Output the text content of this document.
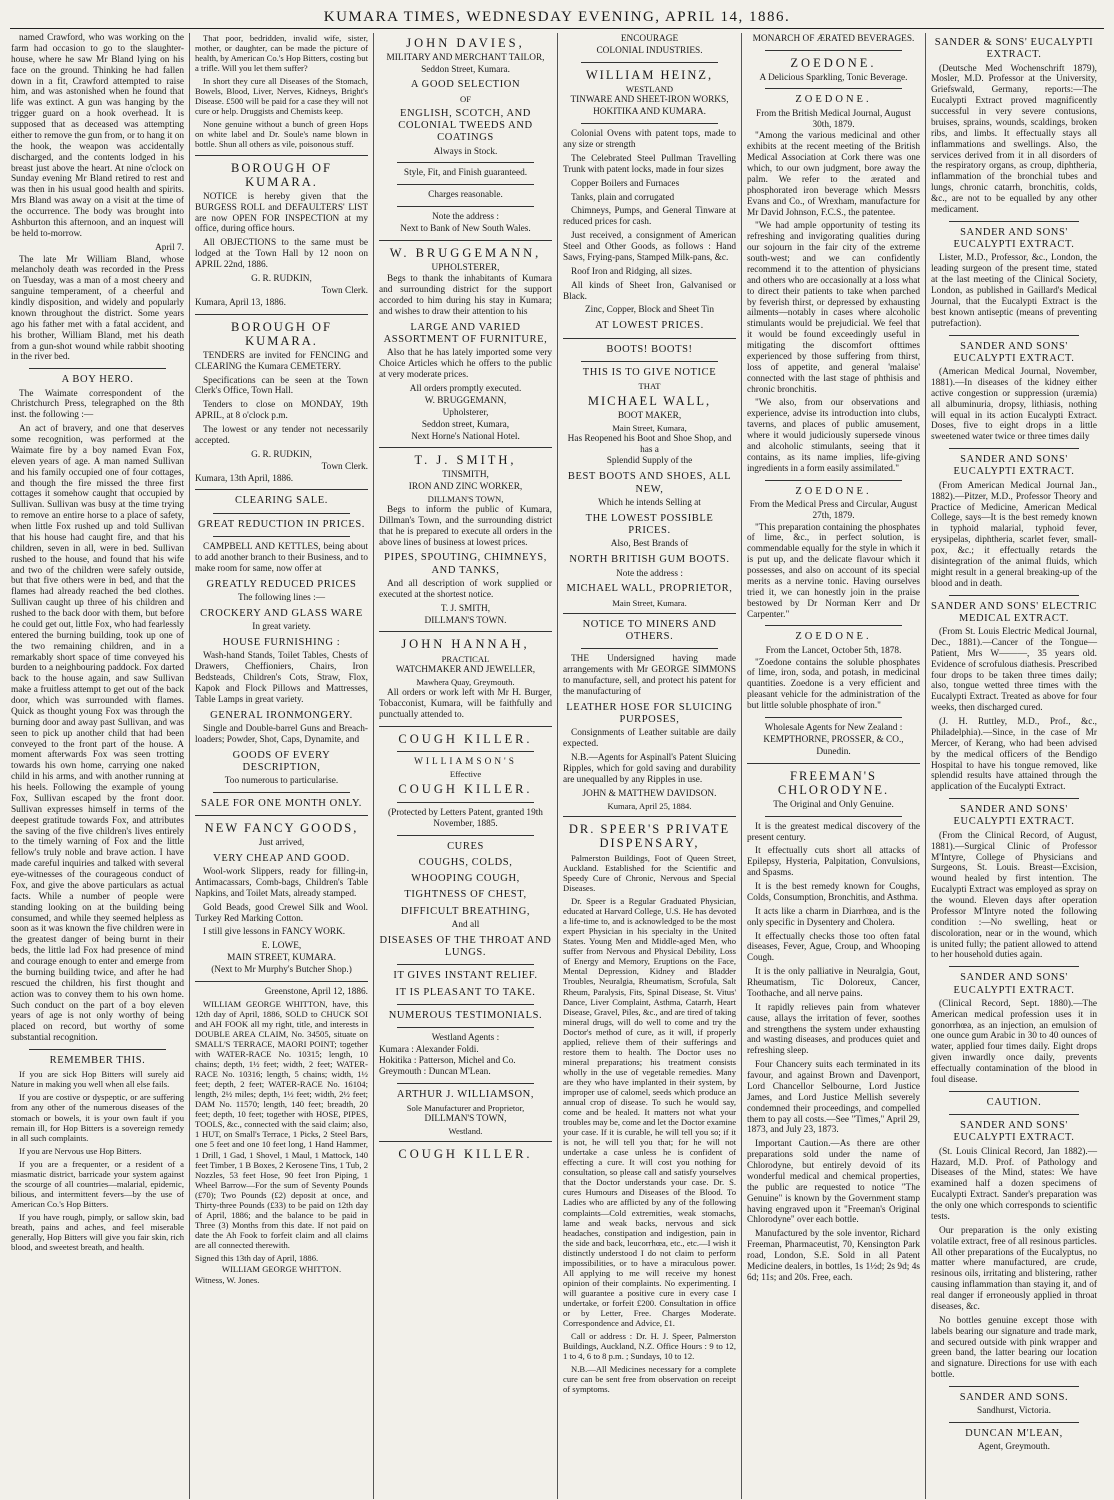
KUMARA TIMES, WEDNESDAY EVENING, APRIL 14, 1886.

named Crawford, who was working on the farm had occasion to go to the slaughter-house, where he saw Mr Bland lying on his face on the ground. Thinking he had fallen down in a fit, Crawford attempted to raise him, and was astonished when he found that life was extinct. A gun was hanging by the trigger guard on a hook overhead. It is supposed that as deceased was attempting either to remove the gun from, or to hang it on the hook, the weapon was accidentally discharged, and the contents lodged in his breast just above the heart. At nine o'clock on Sunday evening Mr Bland retired to rest and was then in his usual good health and spirits. Mrs Bland was away on a visit at the time of the occurrence. The body was brought into Ashburton this afternoon, and an inquest will be held to-morrow.

April 7.

The late Mr William Bland, whose melancholy death was recorded in the Press on Tuesday, was a man of a most cheery and sanguine temperament, of a cheerful and kindly disposition, and widely and popularly known throughout the district. Some years ago his father met with a fatal accident, and his brother, William Bland, met his death from a gun-shot wound while rabbit shooting in the river bed.

A BOY HERO.

The Waimate correspondent of the Christchurch Press, telegraphed on the 8th inst. the following :—

An act of bravery, and one that deserves some recognition, was performed at the Waimate fire by a boy named Evan Fox, eleven years of age. A man named Sullivan and his family occupied one of four cottages, and though the fire missed the three first cottages it somehow caught that occupied by Sullivan. Sullivan was busy at the time trying to remove an entire horse to a place of safety, when little Fox rushed up and told Sullivan that his house had caught fire, and that his children, seven in all, were in bed. Sullivan rushed to the house, and found that his wife and two of the children were safely outside, but that five others were in bed, and that the flames had already reached the bed clothes. Sullivan caught up three of his children and rushed to the back door with them, but before he could get out, little Fox, who had fearlessly entered the burning building, took up one of the two remaining children, and in a remarkably short space of time conveyed his burden to a neighbouring paddock. Fox darted back to the house again, and saw Sullivan make a fruitless attempt to get out of the back door, which was surrounded with flames. Quick as thought young Fox was through the burning door and away past Sullivan, and was seen to pick up another child that had been conveyed to the front part of the house. A moment afterwards Fox was seen trotting towards his own home, carrying one naked child in his arms, and with another running at his heels. Following the example of young Fox, Sullivan escaped by the front door. Sullivan expresses himself in terms of the deepest gratitude towards Fox, and attributes the saving of the five children's lives entirely to the timely warning of Fox and the little fellow's truly noble and brave action. I have made careful inquiries and talked with several eye-witnesses of the courageous conduct of Fox, and give the above particulars as actual facts. While a number of people were standing looking on at the building being consumed, and while they seemed helpless as soon as it was known the five children were in the greatest danger of being burnt in their beds, the little lad Fox had presence of mind and courage enough to enter and emerge from the burning building twice, and after he had rescued the children, his first thought and action was to convey them to his own home. Such conduct on the part of a boy eleven years of age is not only worthy of being placed on record, but worthy of some substantial recognition.

REMEMBER THIS.

If you are sick Hop Bitters will surely aid Nature in making you well when all else fails.

If you are costive or dyspeptic, or are suffering from any other of the numerous diseases of the stomach or bowels, it is your own fault if you remain ill, for Hop Bitters is a sovereign remedy in all such complaints.

If you are Nervous use Hop Bitters.

If you are a frequenter, or a resident of a miasmatic district, barricade your system against the scourge of all countries—malarial, epidemic, bilious, and intermittent fevers—by the use of American Co.'s Hop Bitters.

If you have rough, pimply, or sallow skin, bad breath, pains and aches, and feel miserable generally, Hop Bitters will give you fair skin, rich blood, and sweetest breath, and health.

That poor, bedridden, invalid wife, sister, mother, or daughter, can be made the picture of health, by American Co.'s Hop Bitters, costing but a trifle. Will you let them suffer?

In short they cure all Diseases of the Stomach, Bowels, Blood, Liver, Nerves, Kidneys, Bright's Disease. £500 will be paid for a case they will not cure or help. Druggists and Chemists keep.

None genuine without a bunch of green Hops on white label and Dr. Soule's name blown in bottle. Shun all others as vile, poisonous stuff.

BOROUGH OF KUMARA.

NOTICE is hereby given that the BURGESS ROLL and DEFAULTERS' LIST are now OPEN FOR INSPECTION at my office, during office hours.

All OBJECTIONS to the same must be lodged at the Town Hall by 12 noon on APRIL 22nd, 1886.

G. R. RUDKIN,
Town Clerk.
Kumara, April 13, 1886.
BOROUGH OF KUMARA.

TENDERS are invited for FENCING and CLEARING the Kumara CEMETERY.

Specifications can be seen at the Town Clerk's Office, Town Hall.

Tenders to close on MONDAY, 19th APRIL, at 8 o'clock p.m.

The lowest or any tender not necessarily accepted.

G. R. RUDKIN,
Town Clerk.
Kumara, 13th April, 1886.
CLEARING SALE.
GREAT REDUCTION IN PRICES.

CAMPBELL AND KETTLES, being about to add another branch to their Business, and to make room for same, now offer at

GREATLY REDUCED PRICES
The following lines :—
CROCKERY AND GLASS WARE
In great variety.
HOUSE FURNISHING :

Wash-hand Stands, Toilet Tables, Chests of Drawers, Cheffioniers, Chairs, Iron Bedsteads, Children's Cots, Straw, Flox, Kapok and Flock Pillows and Mattresses, Table Lamps in great variety.

GENERAL IRONMONGERY.

Single and Double-barrel Guns and Breach-loaders; Powder, Shot, Caps, Dynamite, and

GOODS OF EVERY DESCRIPTION,
Too numerous to particularise.
SALE FOR ONE MONTH ONLY.
NEW FANCY GOODS,
Just arrived,
VERY CHEAP AND GOOD.

Wool-work Slippers, ready for filling-in, Antimacassars, Comb-bags, Children's Table Napkins, and Toilet Mats, already stamped.

Gold Beads, good Crewel Silk and Wool. Turkey Red Marking Cotton.

I still give lessons in FANCY WORK.

E. LOWE,
MAIN STREET, KUMARA.
(Next to Mr Murphy's Butcher Shop.)
Greenstone, April 12, 1886.

WILLIAM GEORGE WHITTON, have, this 12th day of April, 1886, SOLD to CHUCK SOI and AH FOOK all my right, title, and interests in DOUBLE AREA CLAIM, No. 34505, situate on SMALL'S TERRACE, MAORI POINT; together with WATER-RACE No. 10315; length, 10 chains; depth, 1½ feet; width, 2 feet; WATER-RACE No. 10316; length, 5 chains; width, 1½ feet; depth, 2 feet; WATER-RACE No. 16104; length, 2½ miles; depth, 1½ feet; width, 2½ feet; DAM No. 11570; length, 140 feet; breadth, 20 feet; depth, 10 feet; together with HOSE, PIPES, TOOLS, &c., connected with the said claim; also, 1 HUT, on Small's Terrace, 1 Picks, 2 Steel Bars, one 5 feet and one 10 feet long, 1 Hand Hammer, 1 Drill, 1 Gad, 1 Shovel, 1 Maul, 1 Mattock, 140 feet Timber, 1 B Boxes, 2 Kerosene Tins, 1 Tub, 2 Nozzles, 53 feet Hose, 90 feet Iron Piping, 1 Wheel Barrow—For the sum of Seventy Pounds (£70); Two Pounds (£2) deposit at once, and Thirty-three Pounds (£33) to be paid on 12th day of April, 1886; and the balance to be paid in Three (3) Months from this date. If not paid on date the Ah Fook to forfeit claim and all claims are all connected therewith.

Signed this 13th day of April, 1886.
WILLIAM GEORGE WHITTON.
Witness, W. Jones.
JOHN DAVIES,
MILITARY AND MERCHANT TAILOR,
Seddon Street, Kumara.
A GOOD SELECTION
OF
ENGLISH, SCOTCH, AND COLONIAL TWEEDS AND COATINGS
Always in Stock.
Style, Fit, and Finish guaranteed.
Charges reasonable.
Note the address :
Next to Bank of New South Wales.
W. BRUGGEMANN,
UPHOLSTERER,

Begs to thank the inhabitants of Kumara and surrounding district for the support accorded to him during his stay in Kumara; and wishes to draw their attention to his

LARGE AND VARIED ASSORTMENT OF FURNITURE,

Also that he has lately imported some very Choice Articles which he offers to the public at very moderate prices.

All orders promptly executed.
W. BRUGGEMANN,
Upholsterer,
Seddon street, Kumara,
Next Horne's National Hotel.
T. J. SMITH,
TINSMITH,
IRON AND ZINC WORKER,
DILLMAN'S TOWN,

Begs to inform the public of Kumara, Dillman's Town, and the surrounding district that he is prepared to execute all orders in the above lines of business at lowest prices.

PIPES, SPOUTING, CHIMNEYS, AND TANKS,

And all description of work supplied or executed at the shortest notice.

T. J. SMITH,
DILLMAN'S TOWN.
JOHN HANNAH,
PRACTICAL
WATCHMAKER AND JEWELLER,
Mawhera Quay, Greymouth.

All orders or work left with Mr H. Burger, Tobacconist, Kumara, will be faithfully and punctually attended to.

COUGH KILLER.
WILLIAMSON'S
Effective
COUGH KILLER.
(Protected by Letters Patent, granted 19th November, 1885.
CURES
COUGHS, COLDS,
WHOOPING COUGH,
TIGHTNESS OF CHEST,
DIFFICULT BREATHING,
And all
DISEASES OF THE THROAT AND LUNGS.
IT GIVES INSTANT RELIEF.
IT IS PLEASANT TO TAKE.
NUMEROUS TESTIMONIALS.
Westland Agents :
Kumara : Alexander Foldi.
Hokitika : Patterson, Michel and Co.
Greymouth : Duncan M'Lean.
ARTHUR J. WILLIAMSON,
Sole Manufacturer and Proprietor,
DILLMAN'S TOWN,
Westland.
COUGH KILLER.
ENCOURAGE
COLONIAL INDUSTRIES.
WILLIAM HEINZ,
WESTLAND
TINWARE AND SHEET-IRON WORKS,
HOKITIKA AND KUMARA.

Colonial Ovens with patent tops, made to any size or strength

The Celebrated Steel Pullman Travelling Trunk with patent locks, made in four sizes

Copper Boilers and Furnaces

Tanks, plain and corrugated

Chimneys, Pumps, and General Tinware at reduced prices for cash.

Just received, a consignment of American Steel and Other Goods, as follows : Hand Saws, Frying-pans, Stamped Milk-pans, &c.

Roof Iron and Ridging, all sizes.

All kinds of Sheet Iron, Galvanised or Black.

Zinc, Copper, Block and Sheet Tin
AT LOWEST PRICES.
BOOTS! BOOTS!
THIS IS TO GIVE NOTICE
THAT
MICHAEL WALL,
BOOT MAKER,
Main Street, Kumara,
Has Reopened his Boot and Shoe Shop, and has a
Splendid Supply of the
BEST BOOTS AND SHOES, ALL NEW,
Which he intends Selling at
THE LOWEST POSSIBLE PRICES.
Also, Best Brands of
NORTH BRITISH GUM BOOTS.
Note the address :
MICHAEL WALL, PROPRIETOR,
Main Street, Kumara.
NOTICE TO MINERS AND OTHERS.

THE Undersigned having made arrangements with Mr GEORGE SIMMONS to manufacture, sell, and protect his patent for the manufacturing of

LEATHER HOSE FOR SLUICING PURPOSES,

Consignments of Leather suitable are daily expected.

N.B.—Agents for Aspinall's Patent Sluicing Ripples, which for gold saving and durability are unequalled by any Ripples in use.

JOHN & MATTHEW DAVIDSON.
Kumara, April 25, 1884.
DR. SPEER'S PRIVATE DISPENSARY,

Palmerston Buildings, Foot of Queen Street, Auckland. Established for the Scientific and Speedy Cure of Chronic, Nervous and Special Diseases.

Dr. Speer is a Regular Graduated Physician, educated at Harvard College, U.S. He has devoted a life-time to, and is acknowledged to be the most expert Physician in his specialty in the United States. Young Men and Middle-aged Men, who suffer from Nervous and Physical Debility, Loss of Energy and Memory, Eruptions on the Face, Mental Depression, Kidney and Bladder Troubles, Neuralgia, Rheumatism, Scrofula, Salt Rheum, Paralysis, Fits, Spinal Disease, St. Vitus' Dance, Liver Complaint, Asthma, Catarrh, Heart Disease, Gravel, Piles, &c., and are tired of taking mineral drugs, will do well to come and try the Doctor's method of cure, as it will, if properly applied, relieve them of their sufferings and restore them to health. The Doctor uses no mineral preparations; his treatment consists wholly in the use of vegetable remedies. Many are they who have implanted in their system, by improper use of calomel, seeds which produce an annual crop of disease. To such he would say, come and be healed. It matters not what your troubles may be, come and let the Doctor examine your case. If it is curable, he will tell you so; if it is not, he will tell you that; for he will not undertake a case unless he is confident of effecting a cure. It will cost you nothing for consultation, so please call and satisfy yourselves that the Doctor understands your case. Dr. S. cures Humours and Diseases of the Blood. To Ladies who are afflicted by any of the following complaints—Cold extremities, weak stomachs, lame and weak backs, nervous and sick headaches, constipation and indigestion, pain in the side and back, leucorrhœa, etc., etc.—I wish it distinctly understood I do not claim to perform impossibilities, or to have a miraculous power. All applying to me will receive my honest opinion of their complaints. No experimenting. I will guarantee a positive cure in every case I undertake, or forfeit £200. Consultation in office or by Letter, Free. Charges Moderate. Correspondence and Advice, £1.

Call or address : Dr. H. J. Speer, Palmerston Buildings, Auckland, N.Z. Office Hours : 9 to 12, 1 to 4, 6 to 8 p.m. ; Sundays, 10 to 12.

N.B.—All Medicines necessary for a complete cure can be sent free from observation on receipt of symptoms.

MONARCH OF ÆRATED BEVERAGES.
ZOEDONE.
A Delicious Sparkling, Tonic Beverage.
ZOEDONE.
From the British Medical Journal, August 30th, 1879.

"Among the various medicinal and other exhibits at the recent meeting of the British Medical Association at Cork there was one which, to our own judgment, bore away the palm. We refer to the ærated and phosphorated iron beverage which Messrs Evans and Co., of Wrexham, manufacture for Mr David Johnson, F.C.S., the patentee.

"We had ample opportunity of testing its refreshing and invigorating qualities during our sojourn in the fair city of the extreme south-west; and we can confidently recommend it to the attention of physicians and others who are occasionally at a loss what to direct their patients to take when parched by feverish thirst, or depressed by exhausting ailments—notably in cases where alcoholic stimulants would be prejudicial. We feel that it would be found exceedingly useful in mitigating the discomfort ofttimes experienced by those suffering from thirst, loss of appetite, and general 'malaise' connected with the last stage of phthisis and chronic bronchitis.

"We also, from our observations and experience, advise its introduction into clubs, taverns, and places of public amusement, where it would judiciously supersede vinous and alcoholic stimulants, seeing that it contains, as its name implies, life-giving ingredients in a form easily assimilated."

ZOEDONE.
From the Medical Press and Circular, August 27th, 1879.

"This preparation containing the phosphates of lime, &c., in perfect solution, is commendable equally for the style in which it is put up, and the delicate flavour which it possesses, and also on account of its special merits as a nervine tonic. Having ourselves tried it, we can honestly join in the praise bestowed by Dr Norman Kerr and Dr Carpenter."

ZOEDONE.
From the Lancet, October 5th, 1878.

"Zoedone contains the soluble phosphates of lime, iron, soda, and potash, in medicinal quantities. Zoedone is a very efficient and pleasant vehicle for the administration of the but little soluble phosphate of iron."

Wholesale Agents for New Zealand :
KEMPTHORNE, PROSSER, & CO.,
Dunedin.
FREEMAN'S CHLORODYNE.
The Original and Only Genuine.

It is the greatest medical discovery of the present century.

It effectually cuts short all attacks of Epilepsy, Hysteria, Palpitation, Convulsions, and Spasms.

It is the best remedy known for Coughs, Colds, Consumption, Bronchitis, and Asthma.

It acts like a charm in Diarrhœa, and is the only specific in Dysentery and Cholera.

It effectually checks those too often fatal diseases, Fever, Ague, Croup, and Whooping Cough.

It is the only palliative in Neuralgia, Gout, Rheumatism, Tic Doloreux, Cancer, Toothache, and all nerve pains.

It rapidly relieves pain from whatever cause, allays the irritation of fever, soothes and strengthens the system under exhausting and wasting diseases, and produces quiet and refreshing sleep.

Four Chancery suits each terminated in its favour, and against Brown and Davenport, Lord Chancellor Selbourne, Lord Justice James, and Lord Justice Mellish severely condemned their proceedings, and compelled them to pay all costs.—See "Times," April 29, 1873, and July 23, 1873.

Important Caution.—As there are other preparations sold under the name of Chlorodyne, but entirely devoid of its wonderful medical and chemical properties, the public are requested to notice "The Genuine" is known by the Government stamp having engraved upon it "Freeman's Original Chlorodyne" over each bottle.

Manufactured by the sole inventor, Richard Freeman, Pharmaceutist, 70, Kensington Park road, London, S.E. Sold in all Patent Medicine dealers, in bottles, 1s 1½d; 2s 9d; 4s 6d; 11s; and 20s. Free, each.

SANDER & SONS' EUCALYPTI EXTRACT.

(Deutsche Med Wochenschrift 1879), Mosler, M.D. Professor at the University, Griefswald, Germany, reports:—The Eucalypti Extract proved magnificently successful in very severe contusions, bruises, sprains, wounds, scaldings, broken ribs, and limbs. It effectually stays all inflammations and swellings. Also, the services derived from it in all disorders of the respiratory organs, as croup, diphtheria, inflammation of the bronchial tubes and lungs, chronic catarrh, bronchitis, colds, &c., are not to be equalled by any other medicament.

SANDER AND SONS' EUCALYPTI EXTRACT.

Lister, M.D., Professor, &c., London, the leading surgeon of the present time, stated at the last meeting of the Clinical Society, London, as published in Gaillard's Medical Journal, that the Eucalypti Extract is the best known antiseptic (means of preventing putrefaction).

SANDER AND SONS' EUCALYPTI EXTRACT.

(American Medical Journal, November, 1881).—In diseases of the kidney either active congestion or suppression (uræmia) all albuminuria, dropsy, lithiasis, nothing will equal in its action Eucalypti Extract. Doses, five to eight drops in a little sweetened water twice or three times daily

SANDER AND SONS' EUCALYPTI EXTRACT.

(From American Medical Journal Jan., 1882).—Pitzer, M.D., Professor Theory and Practice of Medicine, American Medical College, says—It is the best remedy known in typhoid malarial, typhoid fever, erysipelas, diphtheria, scarlet fever, small-pox, &c.; it effectually retards the disintegration of the animal fluids, which might result in a general breaking-up of the blood and in death.

SANDER AND SONS' ELECTRIC MEDICAL EXTRACT.

(From St. Louis Electric Medical Journal, Dec., 1881).—Cancer of the Tongue—Patient, Mrs W———, 35 years old. Evidence of scrofulous diathesis. Prescribed four drops to be taken three times daily; also, tongue wetted three times with the Eucalypti Extract. Treated as above for four weeks, then discharged cured.

(J. H. Ruttley, M.D., Prof., &c., Philadelphia).—Since, in the case of Mr Mercer, of Kerang, who had been advised by the medical officers of the Bendigo Hospital to have his tongue removed, like splendid results have attained through the application of the Eucalypti Extract.

SANDER AND SONS' EUCALYPTI EXTRACT.

(From the Clinical Record, of August, 1881).—Surgical Clinic of Professor M'Intyre, College of Physicians and Surgeons, St. Louis. Breast—Excision, wound healed by first intention. The Eucalypti Extract was employed as spray on the wound. Eleven days after operation Professor M'Intyre noted the following condition :—No swelling, heat or discoloration, near or in the wound, which is united fully; the patient allowed to attend to her household duties again.

SANDER AND SONS' EUCALYPTI EXTRACT.

(Clinical Record, Sept. 1880).—The American medical profession uses it in gonorrhœa, as an injection, an emulsion of one ounce gum Arabic in 30 to 40 ounces of water, applied four times daily. Eight drops given inwardly once daily, prevents effectually contamination of the blood in foul disease.

CAUTION.
SANDER AND SONS' EUCALYPTI EXTRACT.

(St. Louis Clinical Record, Jan 1882).—Hazard, M.D. Prof. of Pathology and Diseases of the Mind, states: We have examined half a dozen specimens of Eucalypti Extract. Sander's preparation was the only one which corresponds to scientific tests.

Our preparation is the only existing volatile extract, free of all resinous particles. All other preparations of the Eucalyptus, no matter where manufactured, are crude, resinous oils, irritating and blistering, rather causing inflammation than staying it, and of real danger if erroneously applied in throat diseases, &c.

No bottles genuine except those with labels bearing our signature and trade mark, and secured outside with pink wrapper and green band, the latter bearing our location and signature. Directions for use with each bottle.

SANDER AND SONS.
Sandhurst, Victoria.
DUNCAN M'LEAN,
Agent, Greymouth.
